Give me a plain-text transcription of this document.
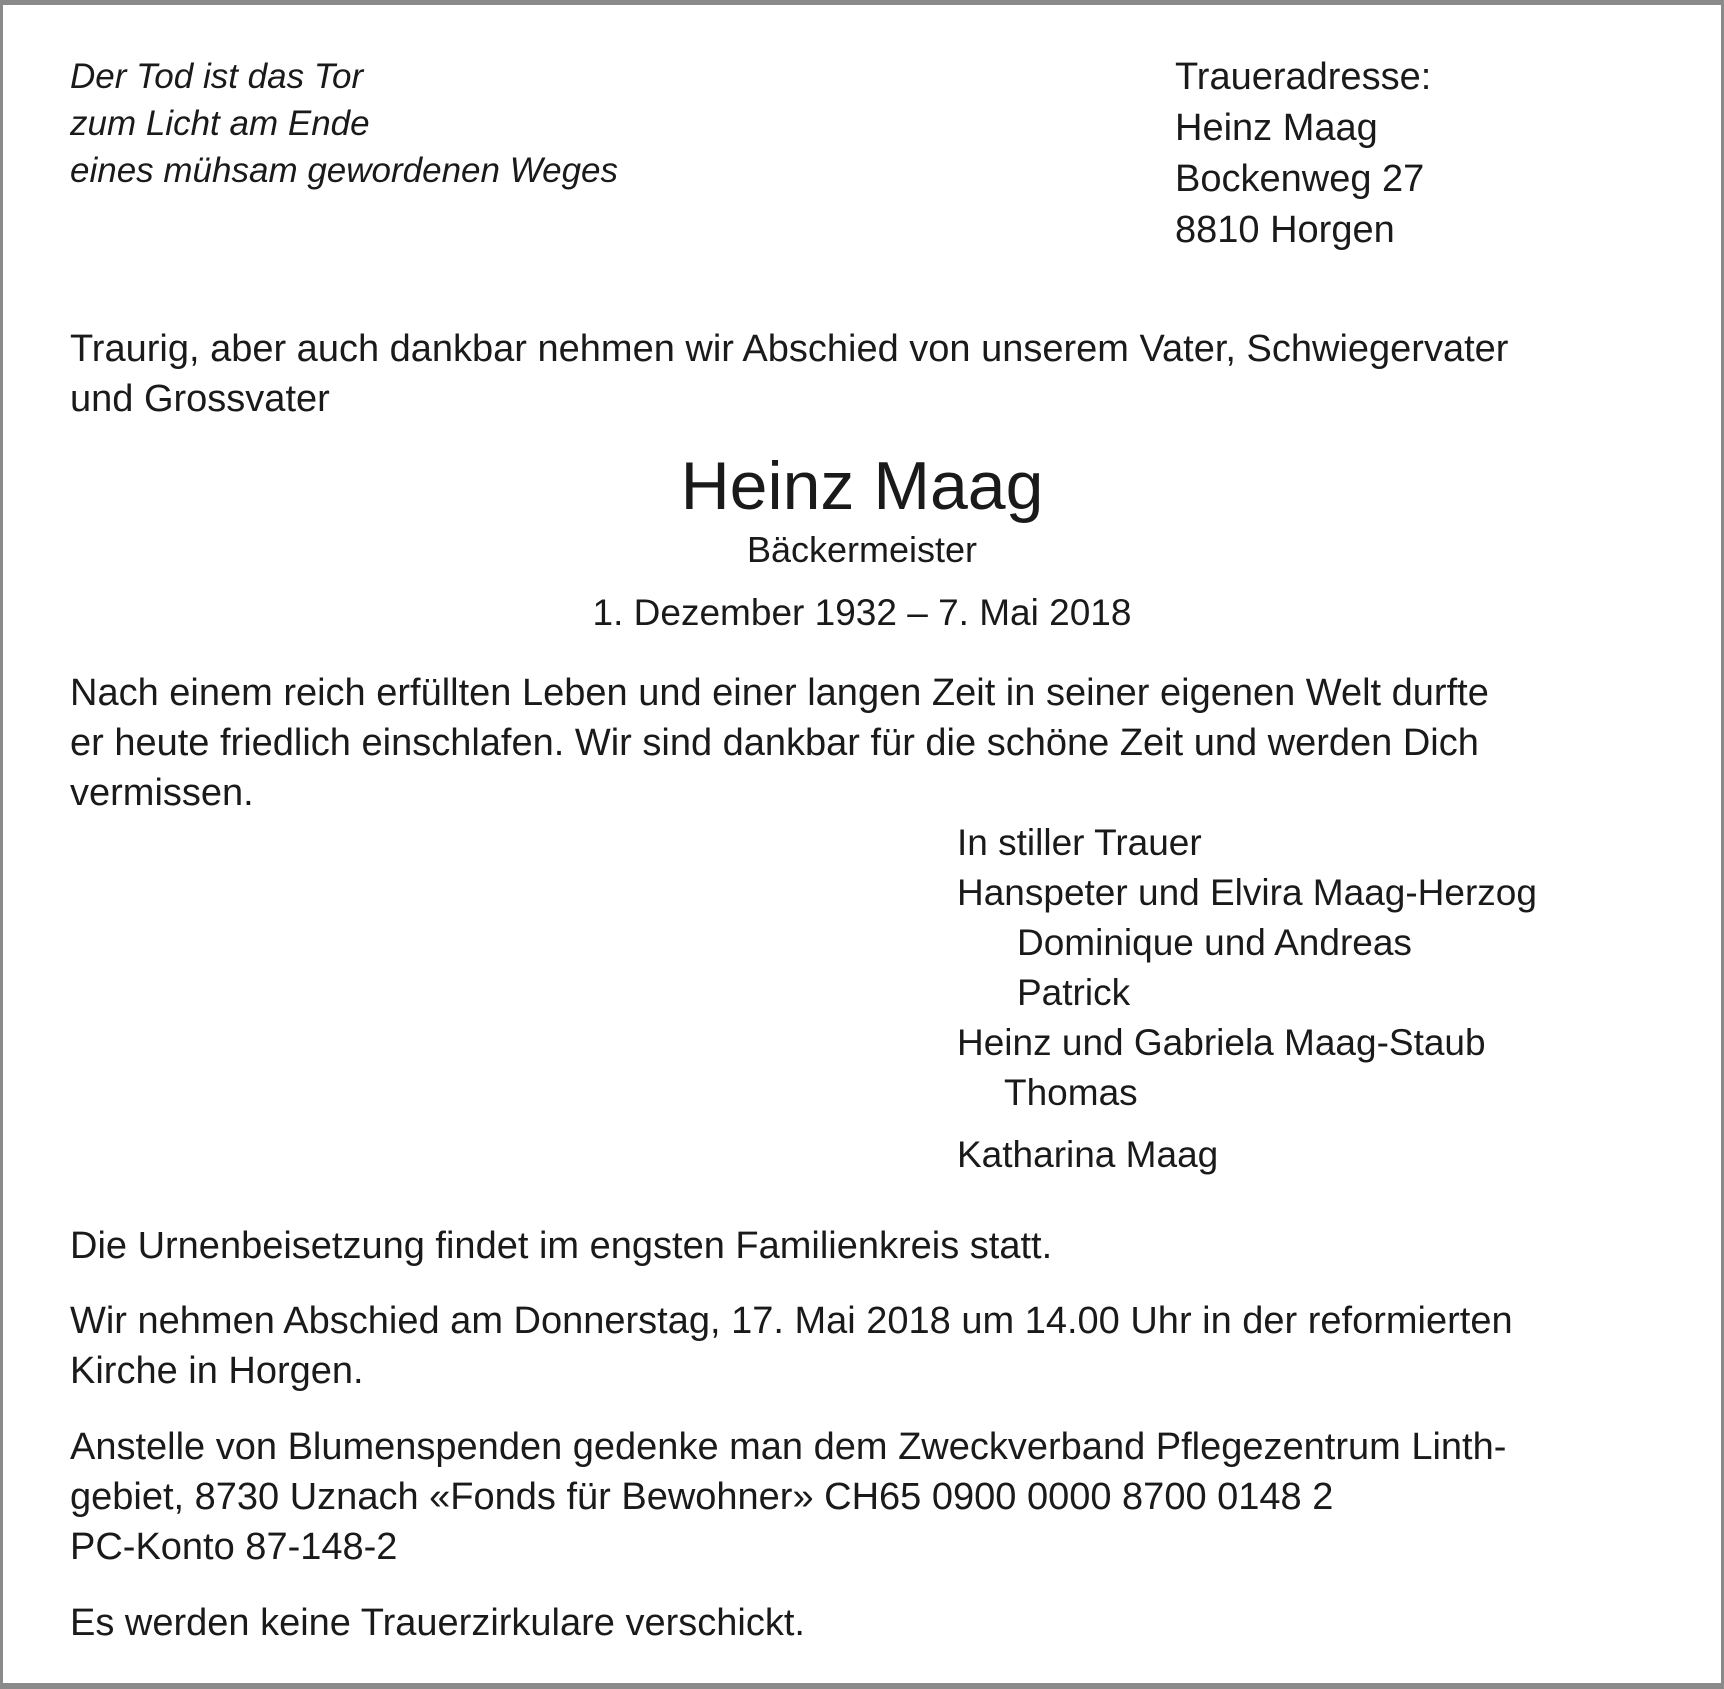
Der Tod ist das Tor
zum Licht am Ende
eines mühsam gewordenen Weges
Traueradresse:
Heinz Maag
Bockenweg 27
8810 Horgen
Traurig, aber auch dankbar nehmen wir Abschied von unserem Vater, Schwiegervater
und Grossvater
Heinz Maag
Bäckermeister
1. Dezember 1932 – 7. Mai 2018
Nach einem reich erfüllten Leben und einer langen Zeit in seiner eigenen Welt durfte
er heute friedlich einschlafen. Wir sind dankbar für die schöne Zeit und werden Dich
vermissen.
In stiller Trauer
Hanspeter und Elvira Maag-Herzog
Dominique und Andreas
Patrick
Heinz und Gabriela Maag-Staub
Thomas
Katharina Maag
Die Urnenbeisetzung findet im engsten Familienkreis statt.
Wir nehmen Abschied am Donnerstag, 17. Mai 2018 um 14.00 Uhr in der reformierten
Kirche in Horgen.
Anstelle von Blumenspenden gedenke man dem Zweckverband Pflegezentrum Linth-
gebiet, 8730 Uznach «Fonds für Bewohner» CH65 0900 0000 8700 0148 2
PC-Konto 87-148-2
Es werden keine Trauerzirkulare verschickt.
